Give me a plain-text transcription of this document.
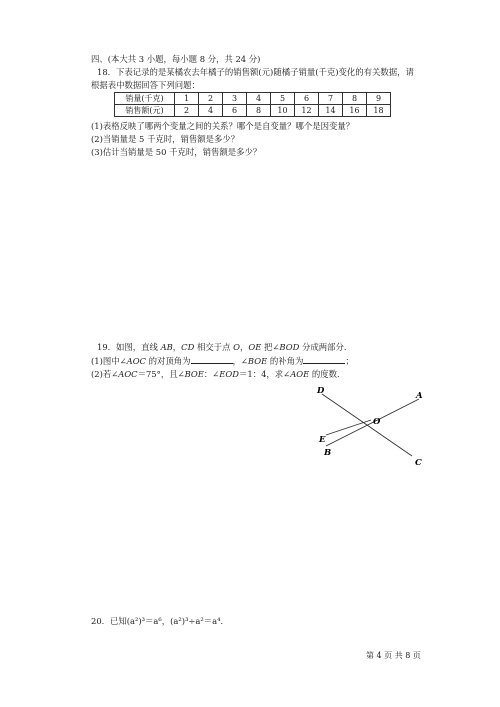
四、(本大共 3 小题，每小题 8 分，共 24 分)
18．下表记录的是某橘农去年橘子的销售额(元)随橘子销量(千克)变化的有关数据，请
根据表中数据回答下列问题：
销量(千克)	1	2	3	4	5	6	7	8	9
销售额(元)	2	4	6	8	10	12	14	16	18
(1)表格反映了哪两个变量之间的关系？哪个是自变量？哪个是因变量？
(2)当销量是 5 千克时，销售额是多少？
(3)估计当销量是 50 千克时，销售额是多少？
19．如图，直线 AB，CD 相交于点 O，OE 把∠BOD 分成两部分．
(1)图中∠AOC 的对顶角为	，∠BOE 的补角为	；
(2)若∠AOC＝75°，且∠BOE：∠EOD＝1：4，求∠AOE 的度数．
D	A
O
E
B
C
20．已知(a²)³＝a⁶，(a²)³÷a²＝a⁴．
第 4 页 共 8 页
